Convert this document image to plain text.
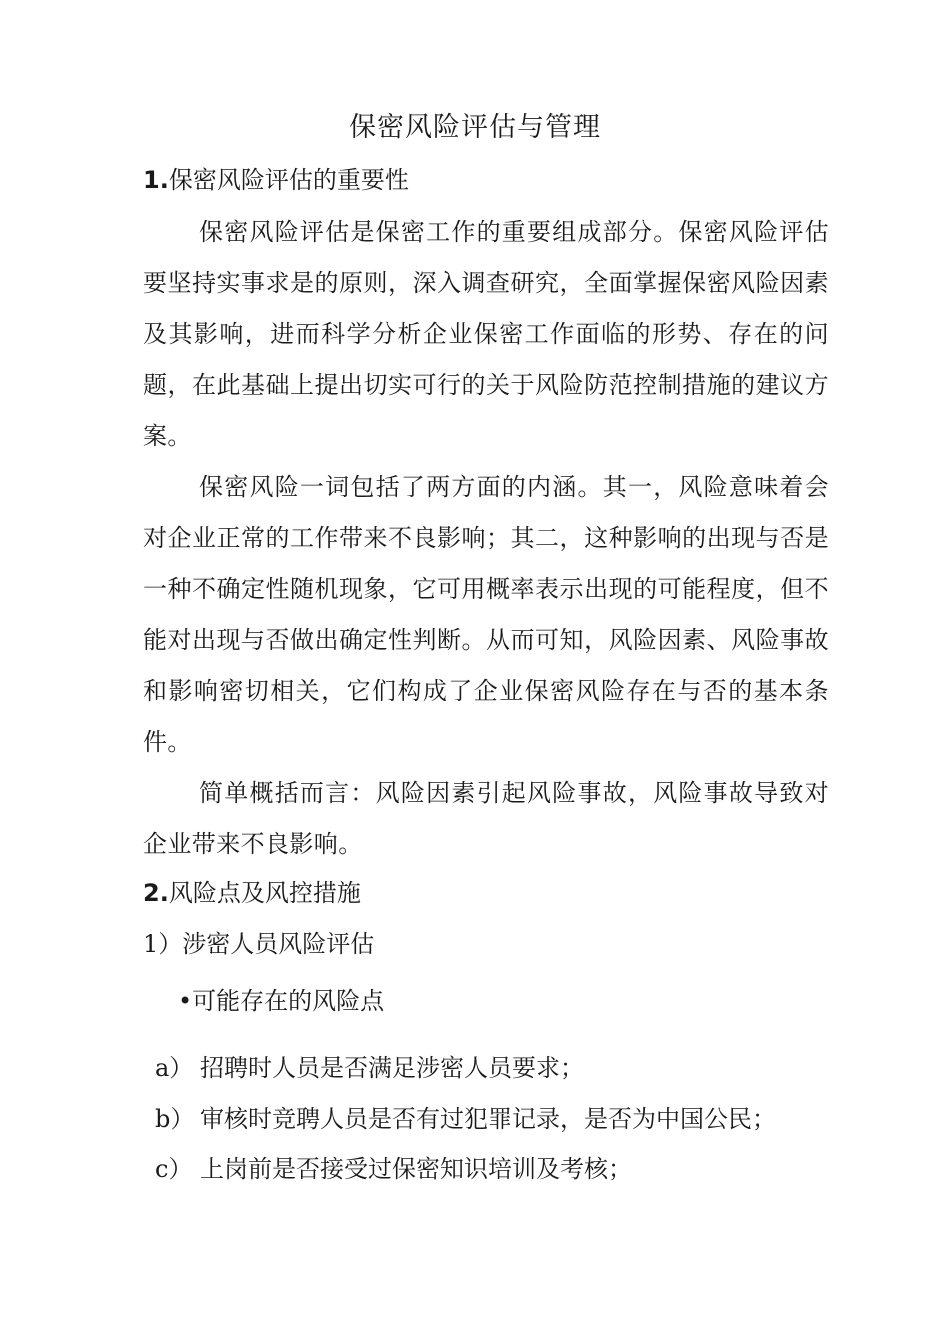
保密风险评估与管理
1.保密风险评估的重要性
保密风险评估是保密工作的重要组成部分。保密风险评估要坚持实事求是的原则，深入调查研究，全面掌握保密风险因素及其影响，进而科学分析企业保密工作面临的形势、存在的问题，在此基础上提出切实可行的关于风险防范控制措施的建议方案。
保密风险一词包括了两方面的内涵。其一，风险意味着会对企业正常的工作带来不良影响；其二，这种影响的出现与否是一种不确定性随机现象，它可用概率表示出现的可能程度，但不能对出现与否做出确定性判断。从而可知，风险因素、风险事故和影响密切相关，它们构成了企业保密风险存在与否的基本条件。
简单概括而言：风险因素引起风险事故，风险事故导致对企业带来不良影响。
2.风险点及风控措施
1）涉密人员风险评估
•可能存在的风险点
a） 招聘时人员是否满足涉密人员要求；
b） 审核时竞聘人员是否有过犯罪记录，是否为中国公民；
c） 上岗前是否接受过保密知识培训及考核；
